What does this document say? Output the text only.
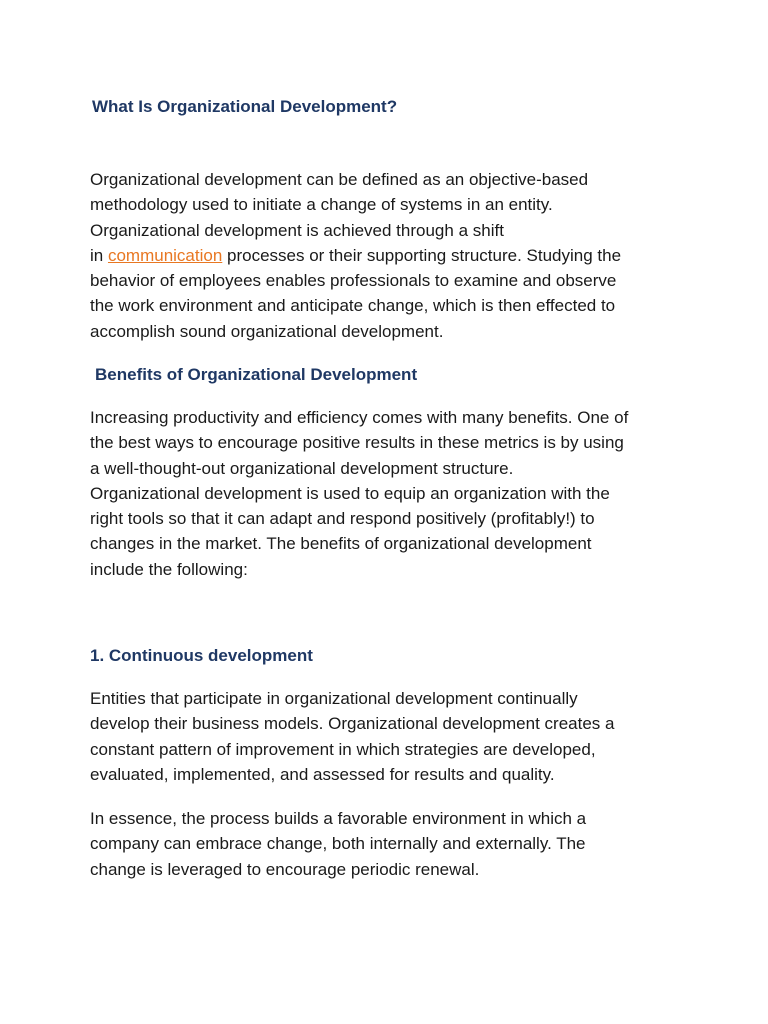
What Is Organizational Development?

Organizational development can be defined as an objective-based
methodology used to initiate a change of systems in an entity.
Organizational development is achieved through a shift
in communication processes or their supporting structure. Studying the
behavior of employees enables professionals to examine and observe
the work environment and anticipate change, which is then effected to
accomplish sound organizational development.

Benefits of Organizational Development

Increasing productivity and efficiency comes with many benefits. One of
the best ways to encourage positive results in these metrics is by using
a well-thought-out organizational development structure.
Organizational development is used to equip an organization with the
right tools so that it can adapt and respond positively (profitably!) to
changes in the market. The benefits of organizational development
include the following:

1. Continuous development

Entities that participate in organizational development continually
develop their business models. Organizational development creates a
constant pattern of improvement in which strategies are developed,
evaluated, implemented, and assessed for results and quality.

In essence, the process builds a favorable environment in which a
company can embrace change, both internally and externally. The
change is leveraged to encourage periodic renewal.
